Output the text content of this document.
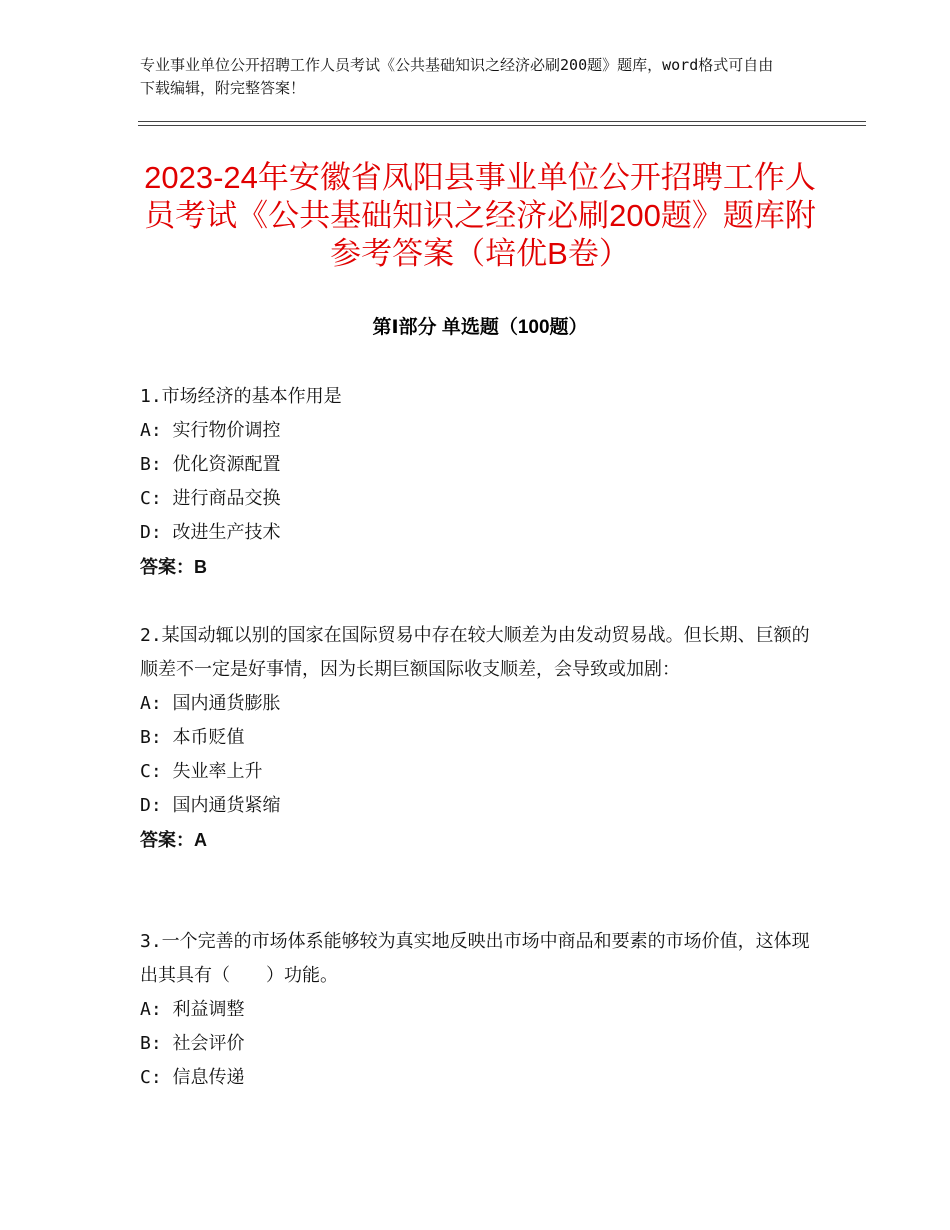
专业事业单位公开招聘工作人员考试《公共基础知识之经济必刷200题》题库，word格式可自由下载编辑，附完整答案！
2023-24年安徽省凤阳县事业单位公开招聘工作人员考试《公共基础知识之经济必刷200题》题库附参考答案（培优B卷）
第Ⅰ部分 单选题（100题）
1.市场经济的基本作用是
A: 实行物价调控
B: 优化资源配置
C: 进行商品交换
D: 改进生产技术
答案：B
2.某国动辄以别的国家在国际贸易中存在较大顺差为由发动贸易战。但长期、巨额的顺差不一定是好事情，因为长期巨额国际收支顺差，会导致或加剧：
A: 国内通货膨胀
B: 本币贬值
C: 失业率上升
D: 国内通货紧缩
答案：A
3.一个完善的市场体系能够较为真实地反映出市场中商品和要素的市场价值，这体现出其具有（　　）功能。
A: 利益调整
B: 社会评价
C: 信息传递
